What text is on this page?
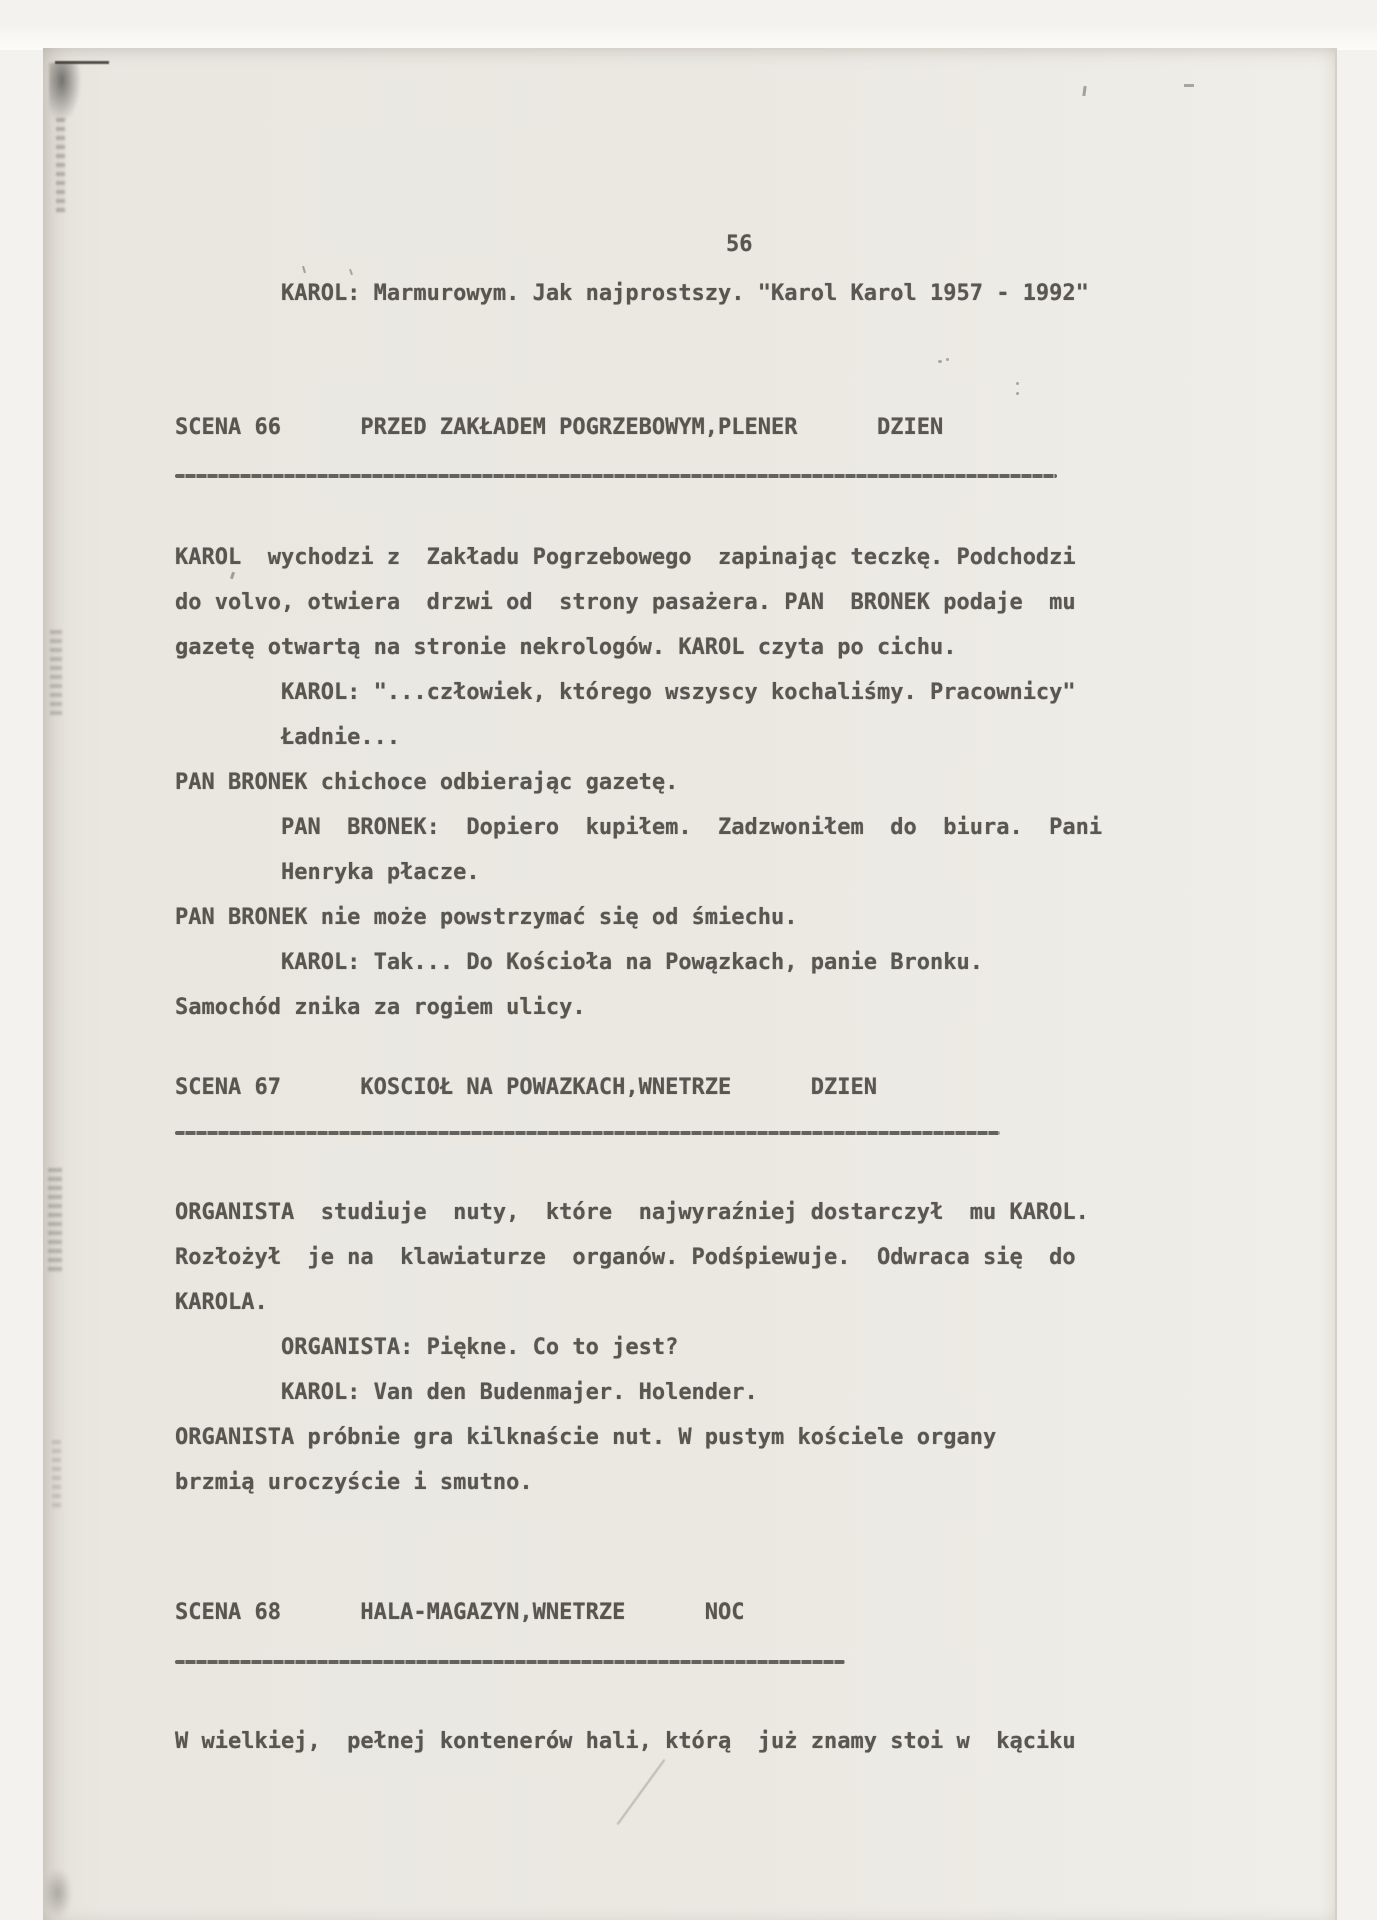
56
KAROL: Marmurowym. Jak najprostszy. "Karol Karol 1957 - 1992"
SCENA 66      PRZED ZAKŁADEM POGRZEBOWYM,PLENER      DZIEN
KAROL  wychodzi z  Zakładu Pogrzebowego  zapinając teczkę. Podchodzi
do volvo, otwiera  drzwi od  strony pasażera. PAN  BRONEK podaje  mu
gazetę otwartą na stronie nekrologów. KAROL czyta po cichu.
KAROL: "...człowiek, którego wszyscy kochaliśmy. Pracownicy"
Ładnie...
PAN BRONEK chichoce odbierając gazetę.
PAN  BRONEK:  Dopiero  kupiłem.  Zadzwoniłem  do  biura.  Pani
Henryka płacze.
PAN BRONEK nie może powstrzymać się od śmiechu.
KAROL: Tak... Do Kościoła na Powązkach, panie Bronku.
Samochód znika za rogiem ulicy.
SCENA 67      KOSCIOŁ NA POWAZKACH,WNETRZE      DZIEN
ORGANISTA  studiuje  nuty,  które  najwyraźniej dostarczył  mu KAROL.
Rozłożył  je na  klawiaturze  organów. Podśpiewuje.  Odwraca się  do
KAROLA.
ORGANISTA: Piękne. Co to jest?
KAROL: Van den Budenmajer. Holender.
ORGANISTA próbnie gra kilknaście nut. W pustym kościele organy
brzmią uroczyście i smutno.
SCENA 68      HALA-MAGAZYN,WNETRZE      NOC
W wielkiej,  pełnej kontenerów hali, którą  już znamy stoi w  kąciku
